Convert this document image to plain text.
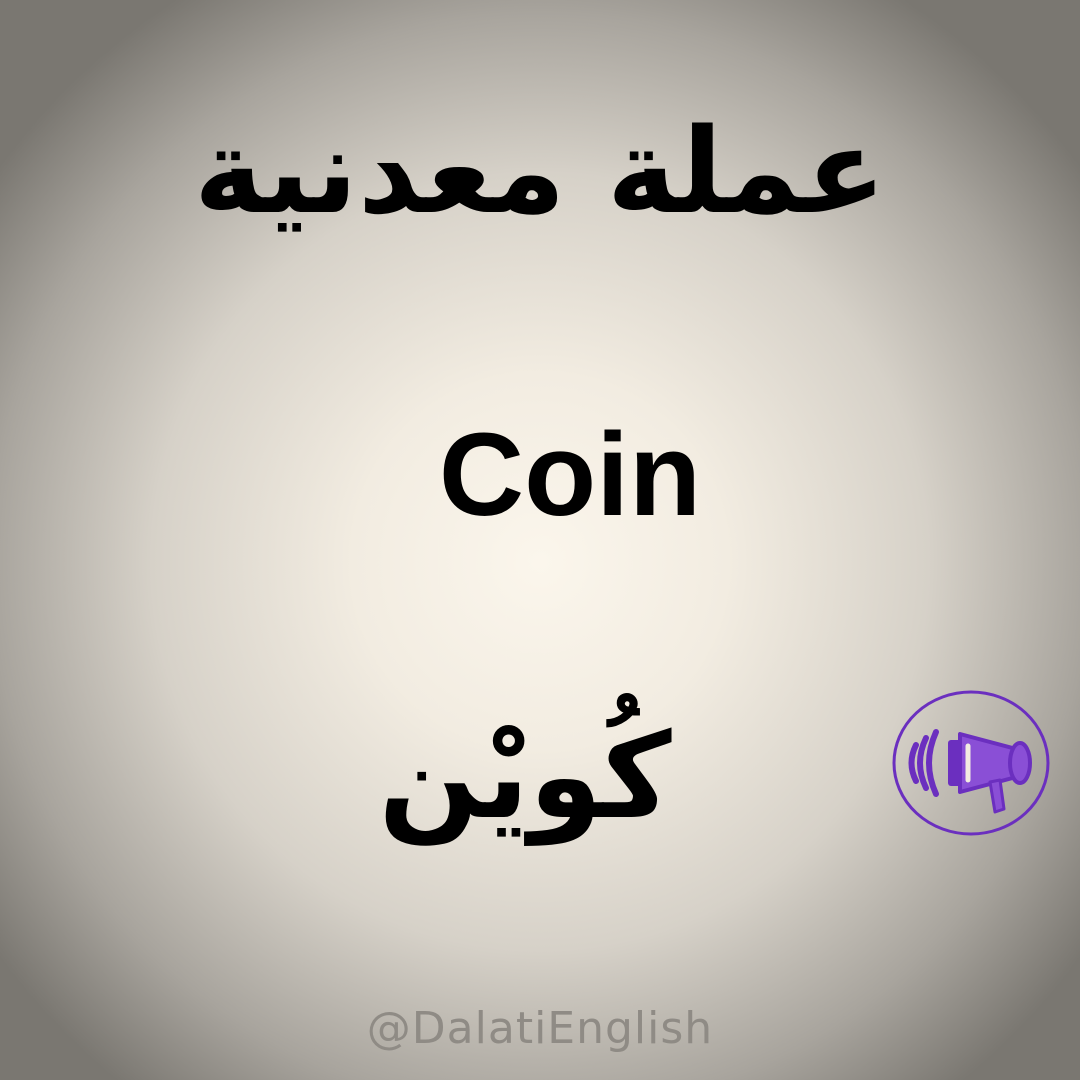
عملة معدنية
Coin
كُويْن
@DalatiEnglish
